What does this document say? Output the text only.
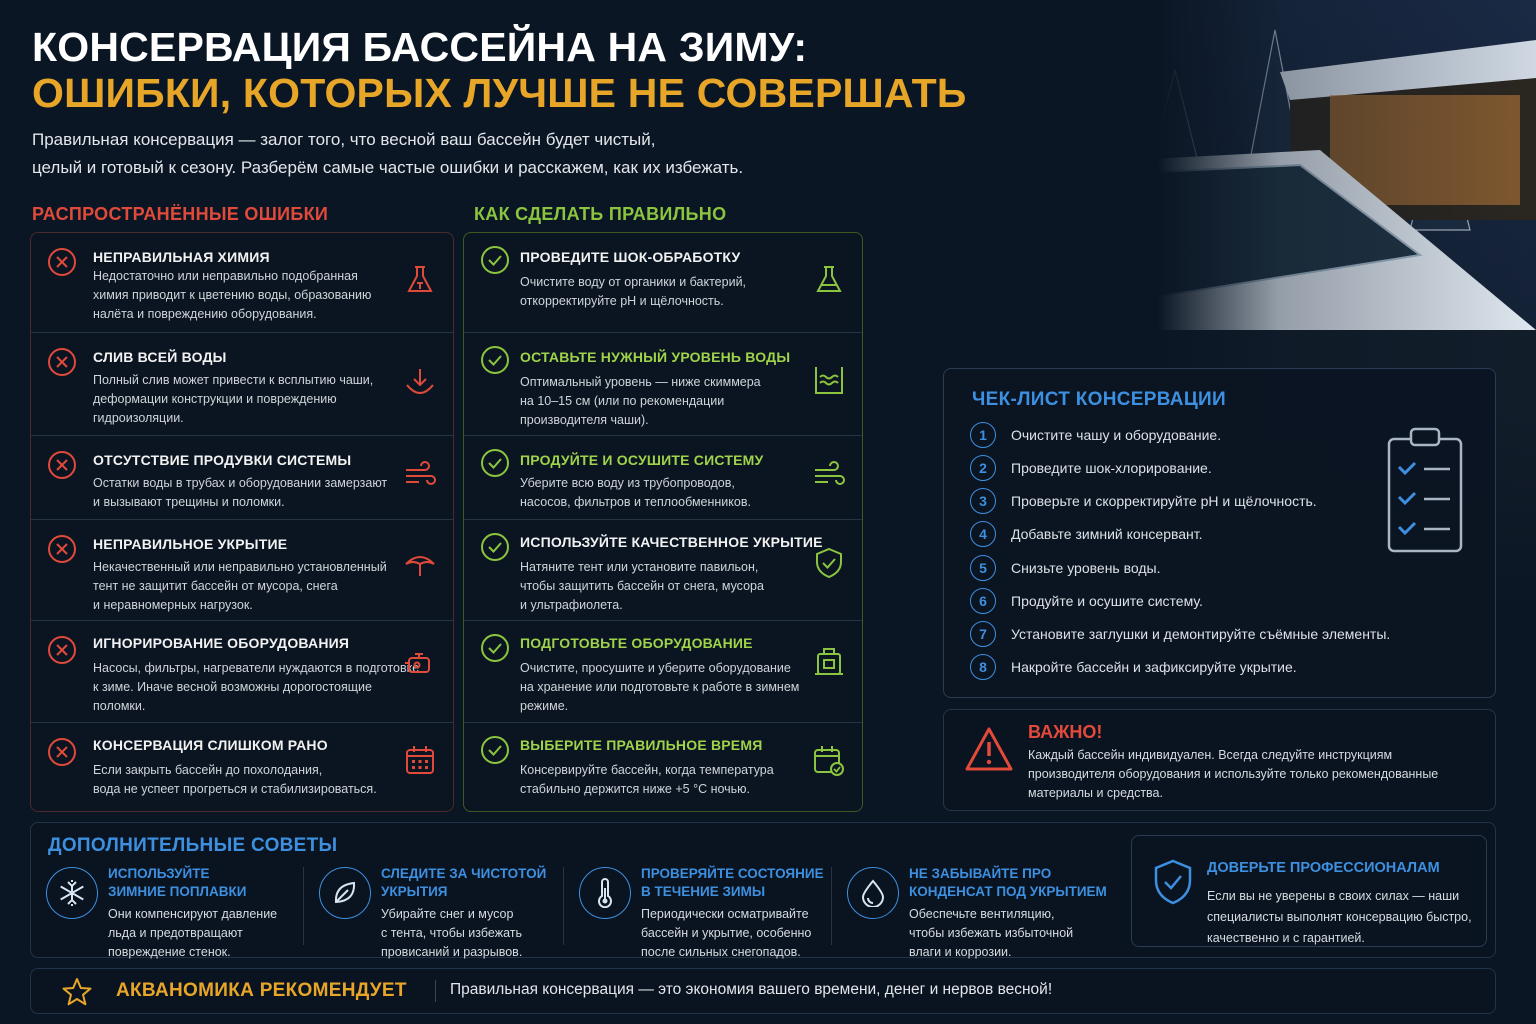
КОНСЕРВАЦИЯ БАССЕЙНА НА ЗИМУ:
ОШИБКИ, КОТОРЫХ ЛУЧШЕ НЕ СОВЕРШАТЬ
Правильная консервация — залог того, что весной ваш бассейн будет чистый,
целый и готовый к сезону. Разберём самые частые ошибки и расскажем, как их избежать.
РАСПРОСТРАНЁННЫЕ ОШИБКИ	КАК СДЕЛАТЬ ПРАВИЛЬНО
НЕПРАВИЛЬНАЯ ХИМИЯ
Недостаточно или неправильно подобранная
химия приводит к цветению воды, образованию
налёта и повреждению оборудования.
СЛИВ ВСЕЙ ВОДЫ
Полный слив может привести к всплытию чаши,
деформации конструкции и повреждению
гидроизоляции.
ОТСУТСТВИЕ ПРОДУВКИ СИСТЕМЫ
Остатки воды в трубах и оборудовании замерзают
и вызывают трещины и поломки.
НЕПРАВИЛЬНОЕ УКРЫТИЕ
Некачественный или неправильно установленный
тент не защитит бассейн от мусора, снега
и неравномерных нагрузок.
ИГНОРИРОВАНИЕ ОБОРУДОВАНИЯ
Насосы, фильтры, нагреватели нуждаются в подготовке
к зиме. Иначе весной возможны дорогостоящие
поломки.
КОНСЕРВАЦИЯ СЛИШКОМ РАНО
Если закрыть бассейн до похолодания,
вода не успеет прогреться и стабилизироваться.
ПРОВЕДИТЕ ШОК-ОБРАБОТКУ
Очистите воду от органики и бактерий,
откорректируйте pH и щёлочность.
ОСТАВЬТЕ НУЖНЫЙ УРОВЕНЬ ВОДЫ
Оптимальный уровень — ниже скиммера
на 10–15 см (или по рекомендации
производителя чаши).
ПРОДУЙТЕ И ОСУШИТЕ СИСТЕМУ
Уберите всю воду из трубопроводов,
насосов, фильтров и теплообменников.
ИСПОЛЬЗУЙТЕ КАЧЕСТВЕННОЕ УКРЫТИЕ
Натяните тент или установите павильон,
чтобы защитить бассейн от снега, мусора
и ультрафиолета.
ПОДГОТОВЬТЕ ОБОРУДОВАНИЕ
Очистите, просушите и уберите оборудование
на хранение или подготовьте к работе в зимнем
режиме.
ВЫБЕРИТЕ ПРАВИЛЬНОЕ ВРЕМЯ
Консервируйте бассейн, когда температура
стабильно держится ниже +5 °С ночью.
ЧЕК-ЛИСТ КОНСЕРВАЦИИ
1	Очистите чашу и оборудование.
2	Проведите шок-хлорирование.
3	Проверьте и скорректируйте pH и щёлочность.
4	Добавьте зимний консервант.
5	Снизьте уровень воды.
6	Продуйте и осушите систему.
7	Установите заглушки и демонтируйте съёмные элементы.
8	Накройте бассейн и зафиксируйте укрытие.
ВАЖНО!
Каждый бассейн индивидуален. Всегда следуйте инструкциям
производителя оборудования и используйте только рекомендованные
материалы и средства.
ДОПОЛНИТЕЛЬНЫЕ СОВЕТЫ
ИСПОЛЬЗУЙТЕ
ЗИМНИЕ ПОПЛАВКИ
Они компенсируют давление
льда и предотвращают
повреждение стенок.
СЛЕДИТЕ ЗА ЧИСТОТОЙ
УКРЫТИЯ
Убирайте снег и мусор
с тента, чтобы избежать
провисаний и разрывов.
ПРОВЕРЯЙТЕ СОСТОЯНИЕ
В ТЕЧЕНИЕ ЗИМЫ
Периодически осматривайте
бассейн и укрытие, особенно
после сильных снегопадов.
НЕ ЗАБЫВАЙТЕ ПРО
КОНДЕНСАТ ПОД УКРЫТИЕМ
Обеспечьте вентиляцию,
чтобы избежать избыточной
влаги и коррозии.
ДОВЕРЬТЕ ПРОФЕССИОНАЛАМ
Если вы не уверены в своих силах — наши
специалисты выполнят консервацию быстро,
качественно и с гарантией.
АКВАНОМИКА РЕКОМЕНДУЕТ	Правильная консервация — это экономия вашего времени, денег и нервов весной!
